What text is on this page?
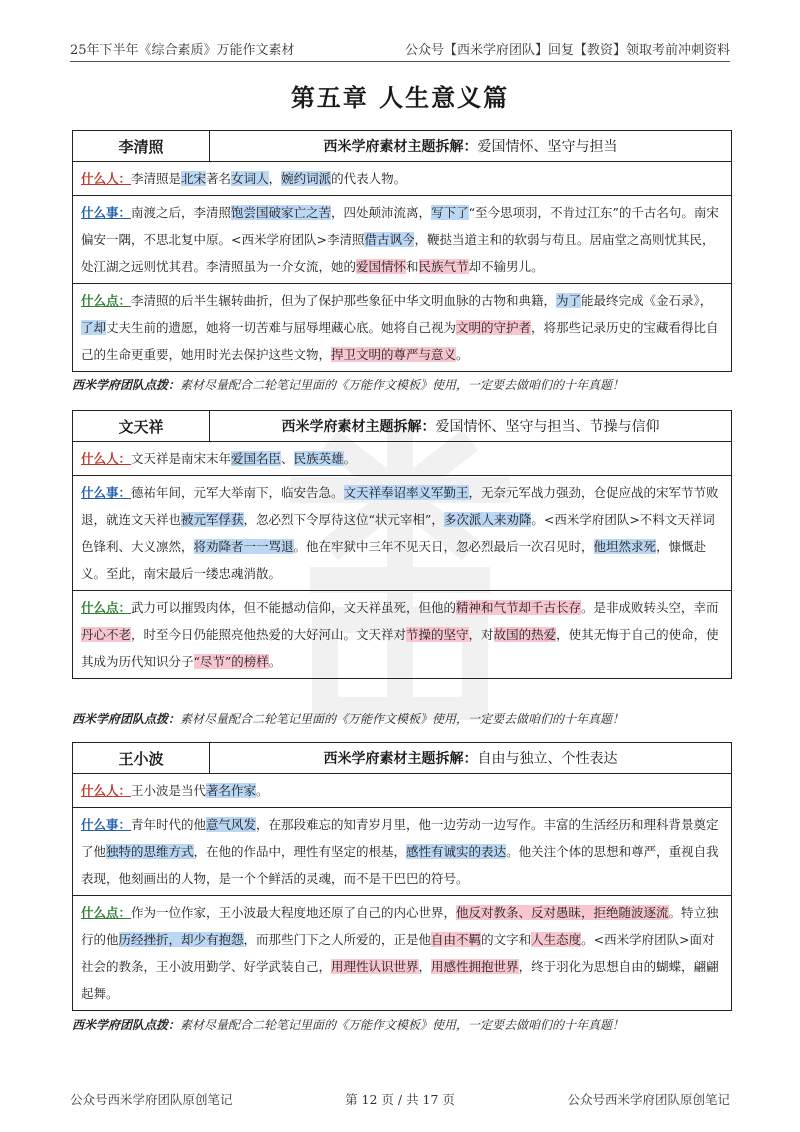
25年下半年《综合素质》万能作文素材	公众号【西米学府团队】回复【教资】领取考前冲刺资料
第五章 人生意义篇
李清照	西米学府素材主题拆解： 爱国情怀、坚守与担当
什么人：李清照是北宋著名女词人，婉约词派的代表人物。
什么事：南渡之后，李清照饱尝国破家亡之苦，四处颠沛流离，写下了“至今思项羽，不肯过江东”的千古名句。南宋偏安一隅，不思北复中原。<西米学府团队>李清照借古讽今，鞭挞当道主和的软弱与苟且。居庙堂之高则忧其民，处江湖之远则忧其君。李清照虽为一介女流，她的爱国情怀和民族气节却不输男儿。
什么点：李清照的后半生辗转曲折，但为了保护那些象征中华文明血脉的古物和典籍，为了能最终完成《金石录》，了却丈夫生前的遗愿，她将一切苦难与屈辱埋藏心底。她将自己视为文明的守护者，将那些记录历史的宝藏看得比自己的生命更重要，她用时光去保护这些文物，捍卫文明的尊严与意义。
西米学府团队点拨：素材尽量配合二轮笔记里面的《万能作文模板》使用，一定要去做咱们的十年真题！
文天祥	西米学府素材主题拆解： 爱国情怀、坚守与担当、节操与信仰
什么人：文天祥是南宋末年爱国名臣、民族英雄。
什么事：德祐年间，元军大举南下，临安告急。文天祥奉诏率义军勤王，无奈元军战力强劲，仓促应战的宋军节节败退，就连文天祥也被元军俘获，忽必烈下令厚待这位“状元宰相”，多次派人来劝降。<西米学府团队>不料文天祥词色锋利、大义凛然，将劝降者一一骂退。他在牢狱中三年不见天日，忽必烈最后一次召见时，他坦然求死，慷慨赴义。至此，南宋最后一缕忠魂消散。
什么点：武力可以摧毁肉体，但不能撼动信仰，文天祥虽死，但他的精神和气节却千古长存。是非成败转头空，幸而丹心不老，时至今日仍能照亮他热爱的大好河山。文天祥对节操的坚守，对故国的热爱，使其无悔于自己的使命，使其成为历代知识分子“尽节”的榜样。
西米学府团队点拨：素材尽量配合二轮笔记里面的《万能作文模板》使用，一定要去做咱们的十年真题！
王小波	西米学府素材主题拆解： 自由与独立、个性表达
什么人：王小波是当代著名作家。
什么事：青年时代的他意气风发，在那段难忘的知青岁月里，他一边劳动一边写作。丰富的生活经历和理科背景奠定了他独特的思维方式，在他的作品中，理性有坚定的根基，感性有诚实的表达。他关注个体的思想和尊严，重视自我表现，他刻画出的人物，是一个个鲜活的灵魂，而不是干巴巴的符号。
什么点：作为一位作家，王小波最大程度地还原了自己的内心世界，他反对教条、反对愚昧，拒绝随波逐流。特立独行的他历经挫折，却少有抱怨，而那些门下之人所爱的，正是他自由不羁的文字和人生态度。<西米学府团队>面对社会的教条，王小波用勤学、好学武装自己，用理性认识世界，用感性拥抱世界，终于羽化为思想自由的蝴蝶，翩翩起舞。
西米学府团队点拨：素材尽量配合二轮笔记里面的《万能作文模板》使用，一定要去做咱们的十年真题！
公众号西米学府团队原创笔记	第 12 页 / 共 17 页	公众号西米学府团队原创笔记
